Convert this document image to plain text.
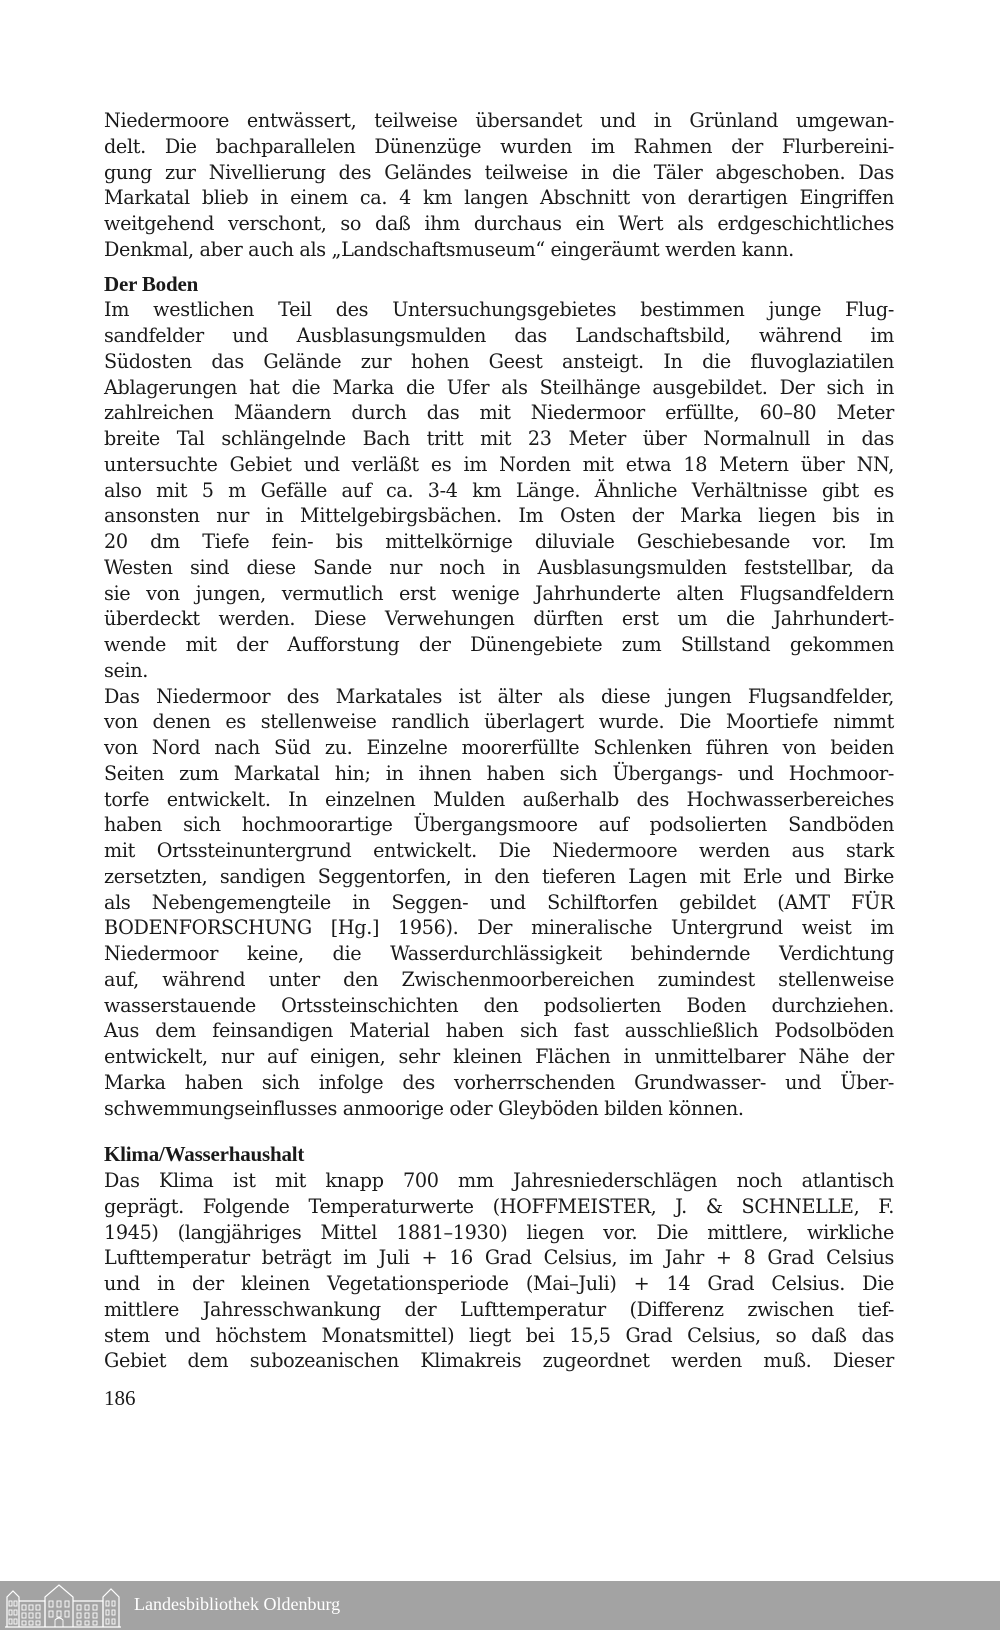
Niedermoore entwässert, teilweise übersandet und in Grünland umgewan-
delt. Die bachparallelen Dünenzüge wurden im Rahmen der Flurbereini-
gung zur Nivellierung des Geländes teilweise in die Täler abgeschoben. Das
Markatal blieb in einem ca. 4 km langen Abschnitt von derartigen Eingriffen
weitgehend verschont, so daß ihm durchaus ein Wert als erdgeschichtliches
Denkmal, aber auch als „Landschaftsmuseum“ eingeräumt werden kann.
Der Boden
Im westlichen Teil des Untersuchungsgebietes bestimmen junge Flug-
sandfelder und Ausblasungsmulden das Landschaftsbild, während im
Südosten das Gelände zur hohen Geest ansteigt. In die fluvoglaziatilen
Ablagerungen hat die Marka die Ufer als Steilhänge ausgebildet. Der sich in
zahlreichen Mäandern durch das mit Niedermoor erfüllte, 60–80 Meter
breite Tal schlängelnde Bach tritt mit 23 Meter über Normalnull in das
untersuchte Gebiet und verläßt es im Norden mit etwa 18 Metern über NN,
also mit 5 m Gefälle auf ca. 3-4 km Länge. Ähnliche Verhältnisse gibt es
ansonsten nur in Mittelgebirgsbächen. Im Osten der Marka liegen bis in
20 dm Tiefe fein- bis mittelkörnige diluviale Geschiebesande vor. Im
Westen sind diese Sande nur noch in Ausblasungsmulden feststellbar, da
sie von jungen, vermutlich erst wenige Jahrhunderte alten Flugsandfeldern
überdeckt werden. Diese Verwehungen dürften erst um die Jahrhundert-
wende mit der Aufforstung der Dünengebiete zum Stillstand gekommen
sein.
Das Niedermoor des Markatales ist älter als diese jungen Flugsandfelder,
von denen es stellenweise randlich überlagert wurde. Die Moortiefe nimmt
von Nord nach Süd zu. Einzelne moorerfüllte Schlenken führen von beiden
Seiten zum Markatal hin; in ihnen haben sich Übergangs- und Hochmoor-
torfe entwickelt. In einzelnen Mulden außerhalb des Hochwasserbereiches
haben sich hochmoorartige Übergangsmoore auf podsolierten Sandböden
mit Ortssteinuntergrund entwickelt. Die Niedermoore werden aus stark
zersetzten, sandigen Seggentorfen, in den tieferen Lagen mit Erle und Birke
als Nebengemengteile in Seggen- und Schilftorfen gebildet (AMT FÜR
BODENFORSCHUNG [Hg.] 1956). Der mineralische Untergrund weist im
Niedermoor keine, die Wasserdurchlässigkeit behindernde Verdichtung
auf, während unter den Zwischenmoorbereichen zumindest stellenweise
wasserstauende Ortssteinschichten den podsolierten Boden durchziehen.
Aus dem feinsandigen Material haben sich fast ausschließlich Podsolböden
entwickelt, nur auf einigen, sehr kleinen Flächen in unmittelbarer Nähe der
Marka haben sich infolge des vorherrschenden Grundwasser- und Über-
schwemmungseinflusses anmoorige oder Gleyböden bilden können.
Klima/Wasserhaushalt
Das Klima ist mit knapp 700 mm Jahresniederschlägen noch atlantisch
geprägt. Folgende Temperaturwerte (HOFFMEISTER, J. & SCHNELLE, F.
1945) (langjähriges Mittel 1881–1930) liegen vor. Die mittlere, wirkliche
Lufttemperatur beträgt im Juli + 16 Grad Celsius, im Jahr + 8 Grad Celsius
und in der kleinen Vegetationsperiode (Mai–Juli) + 14 Grad Celsius. Die
mittlere Jahresschwankung der Lufttemperatur (Differenz zwischen tief-
stem und höchstem Monatsmittel) liegt bei 15,5 Grad Celsius, so daß das
Gebiet dem subozeanischen Klimakreis zugeordnet werden muß. Dieser
186
Landesbibliothek Oldenburg
